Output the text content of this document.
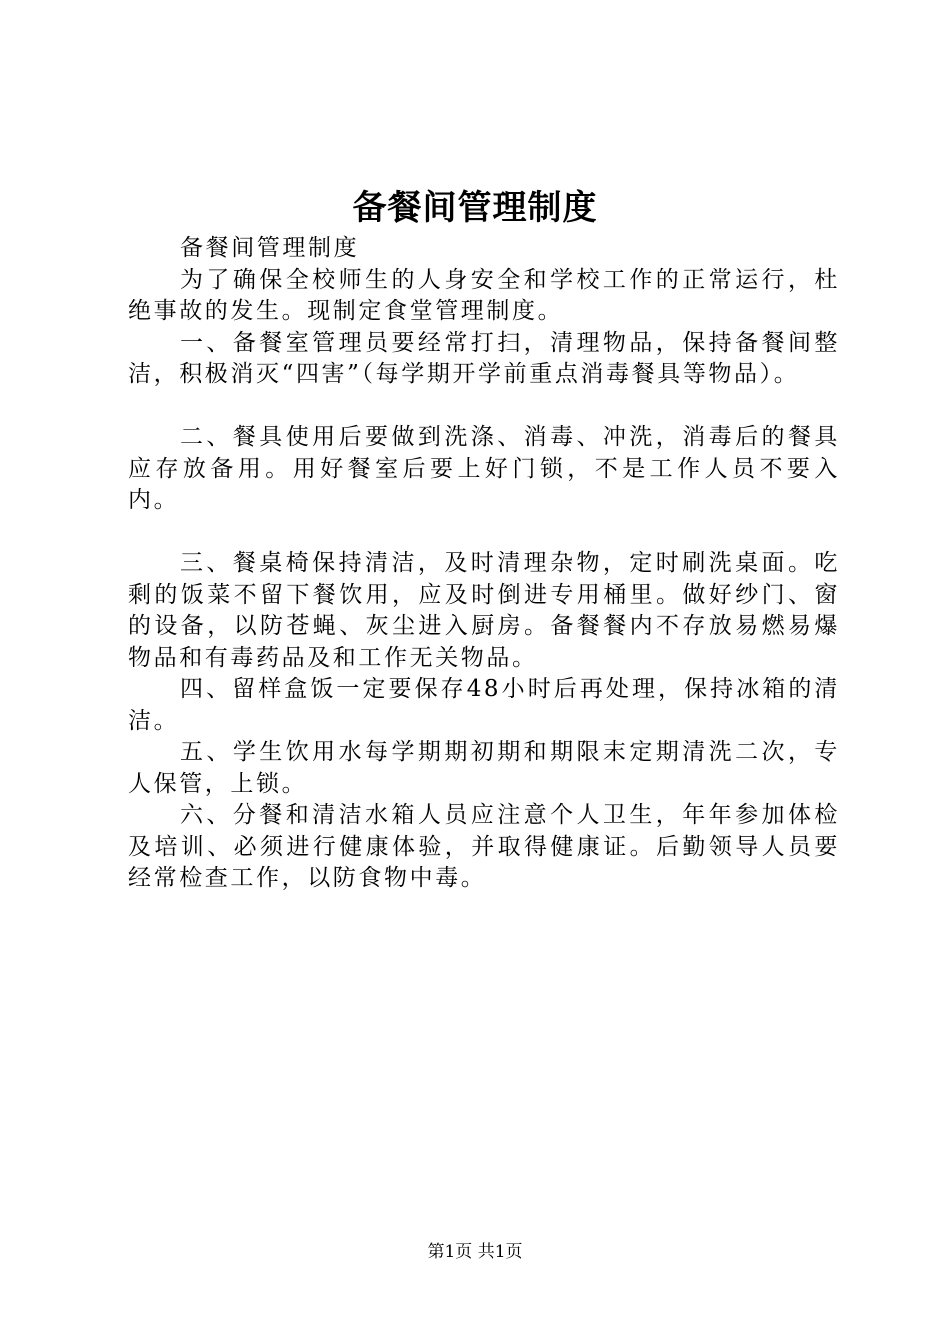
备餐间管理制度

备餐间管理制度

为了确保全校师生的人身安全和学校工作的正常运行，杜绝事故的发生。现制定食堂管理制度。

一、备餐室管理员要经常打扫，清理物品，保持备餐间整洁，积极消灭“四害”（每学期开学前重点消毒餐具等物品）。

二、餐具使用后要做到洗涤、消毒、冲洗，消毒后的餐具应存放备用。用好餐室后要上好门锁，不是工作人员不要入内。

三、餐桌椅保持清洁，及时清理杂物，定时刷洗桌面。吃剩的饭菜不留下餐饮用，应及时倒进专用桶里。做好纱门、窗的设备，以防苍蝇、灰尘进入厨房。备餐餐内不存放易燃易爆物品和有毒药品及和工作无关物品。

四、留样盒饭一定要保存48小时后再处理，保持冰箱的清洁。

五、学生饮用水每学期期初期和期限末定期清洗二次，专人保管，上锁。

六、分餐和清洁水箱人员应注意个人卫生，年年参加体检及培训、必须进行健康体验，并取得健康证。后勤领导人员要经常检查工作，以防食物中毒。

第1页 共1页
